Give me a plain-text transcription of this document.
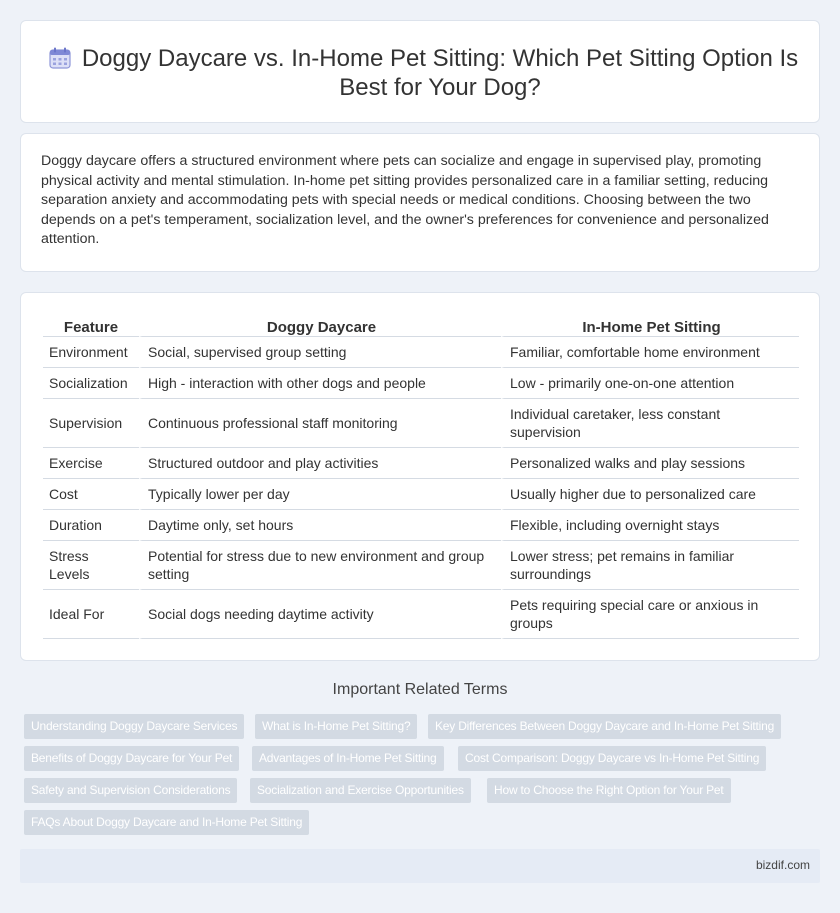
Doggy Daycare vs. In-Home Pet Sitting: Which Pet Sitting Option Is Best for Your Dog?

Doggy daycare offers a structured environment where pets can socialize and engage in supervised play, promoting physical activity and mental stimulation. In-home pet sitting provides personalized care in a familiar setting, reducing separation anxiety and accommodating pets with special needs or medical conditions. Choosing between the two depends on a pet's temperament, socialization level, and the owner's preferences for convenience and personalized attention.

Feature	Doggy Daycare	In-Home Pet Sitting
Environment	Social, supervised group setting	Familiar, comfortable home environment
Socialization	High - interaction with other dogs and people	Low - primarily one-on-one attention
Supervision	Continuous professional staff monitoring	Individual caretaker, less constant supervision
Exercise	Structured outdoor and play activities	Personalized walks and play sessions
Cost	Typically lower per day	Usually higher due to personalized care
Duration	Daytime only, set hours	Flexible, including overnight stays
Stress Levels	Potential for stress due to new environment and group setting	Lower stress; pet remains in familiar surroundings
Ideal For	Social dogs needing daytime activity	Pets requiring special care or anxious in groups
Important Related Terms
Understanding Doggy Daycare Services	What is In-Home Pet Sitting?	Key Differences Between Doggy Daycare and In-Home Pet Sitting
Benefits of Doggy Daycare for Your Pet	Advantages of In-Home Pet Sitting	Cost Comparison: Doggy Daycare vs In-Home Pet Sitting
Safety and Supervision Considerations	Socialization and Exercise Opportunities	How to Choose the Right Option for Your Pet
FAQs About Doggy Daycare and In-Home Pet Sitting
bizdif.com
